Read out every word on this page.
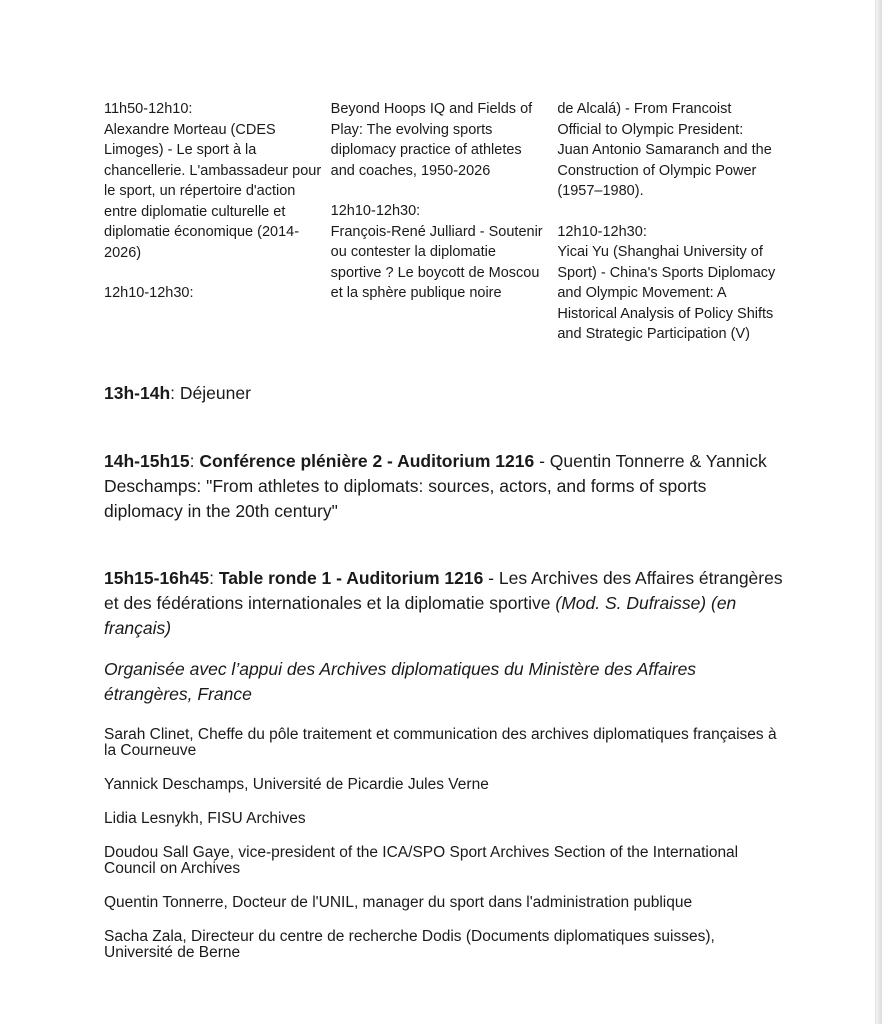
11h50-12h10:
Alexandre Morteau (CDES Limoges) - Le sport à la chancellerie. L'ambassadeur pour le sport, un répertoire d'action entre diplomatie culturelle et diplomatie économique (2014-2026)

12h10-12h30:

Beyond Hoops IQ and Fields of Play: The evolving sports diplomacy practice of athletes and coaches, 1950-2026

12h10-12h30:
François-René Julliard - Soutenir ou contester la diplomatie sportive ? Le boycott de Moscou et la sphère publique noire

de Alcalá) - From Francoist Official to Olympic President: Juan Antonio Samaranch and the Construction of Olympic Power (1957–1980).

12h10-12h30:
Yicai Yu (Shanghai University of Sport) - China's Sports Diplomacy and Olympic Movement: A Historical Analysis of Policy Shifts and Strategic Participation (V)

13h-14h: Déjeuner

14h-15h15: Conférence plénière 2 - Auditorium 1216 - Quentin Tonnerre & Yannick Deschamps: "From athletes to diplomats: sources, actors, and forms of sports diplomacy in the 20th century"

15h15-16h45: Table ronde 1 - Auditorium 1216 - Les Archives des Affaires étrangères et des fédérations internationales et la diplomatie sportive (Mod. S. Dufraisse) (en français)

Organisée avec l’appui des Archives diplomatiques du Ministère des Affaires étrangères, France

Sarah Clinet, Cheffe du pôle traitement et communication des archives diplomatiques françaises à la Courneuve
Yannick Deschamps, Université de Picardie Jules Verne
Lidia Lesnykh, FISU Archives
Doudou Sall Gaye, vice-president of the ICA/SPO Sport Archives Section of the International Council on Archives
Quentin Tonnerre, Docteur de l'UNIL, manager du sport dans l'administration publique
Sacha Zala, Directeur du centre de recherche Dodis (Documents diplomatiques suisses), Université de Berne
